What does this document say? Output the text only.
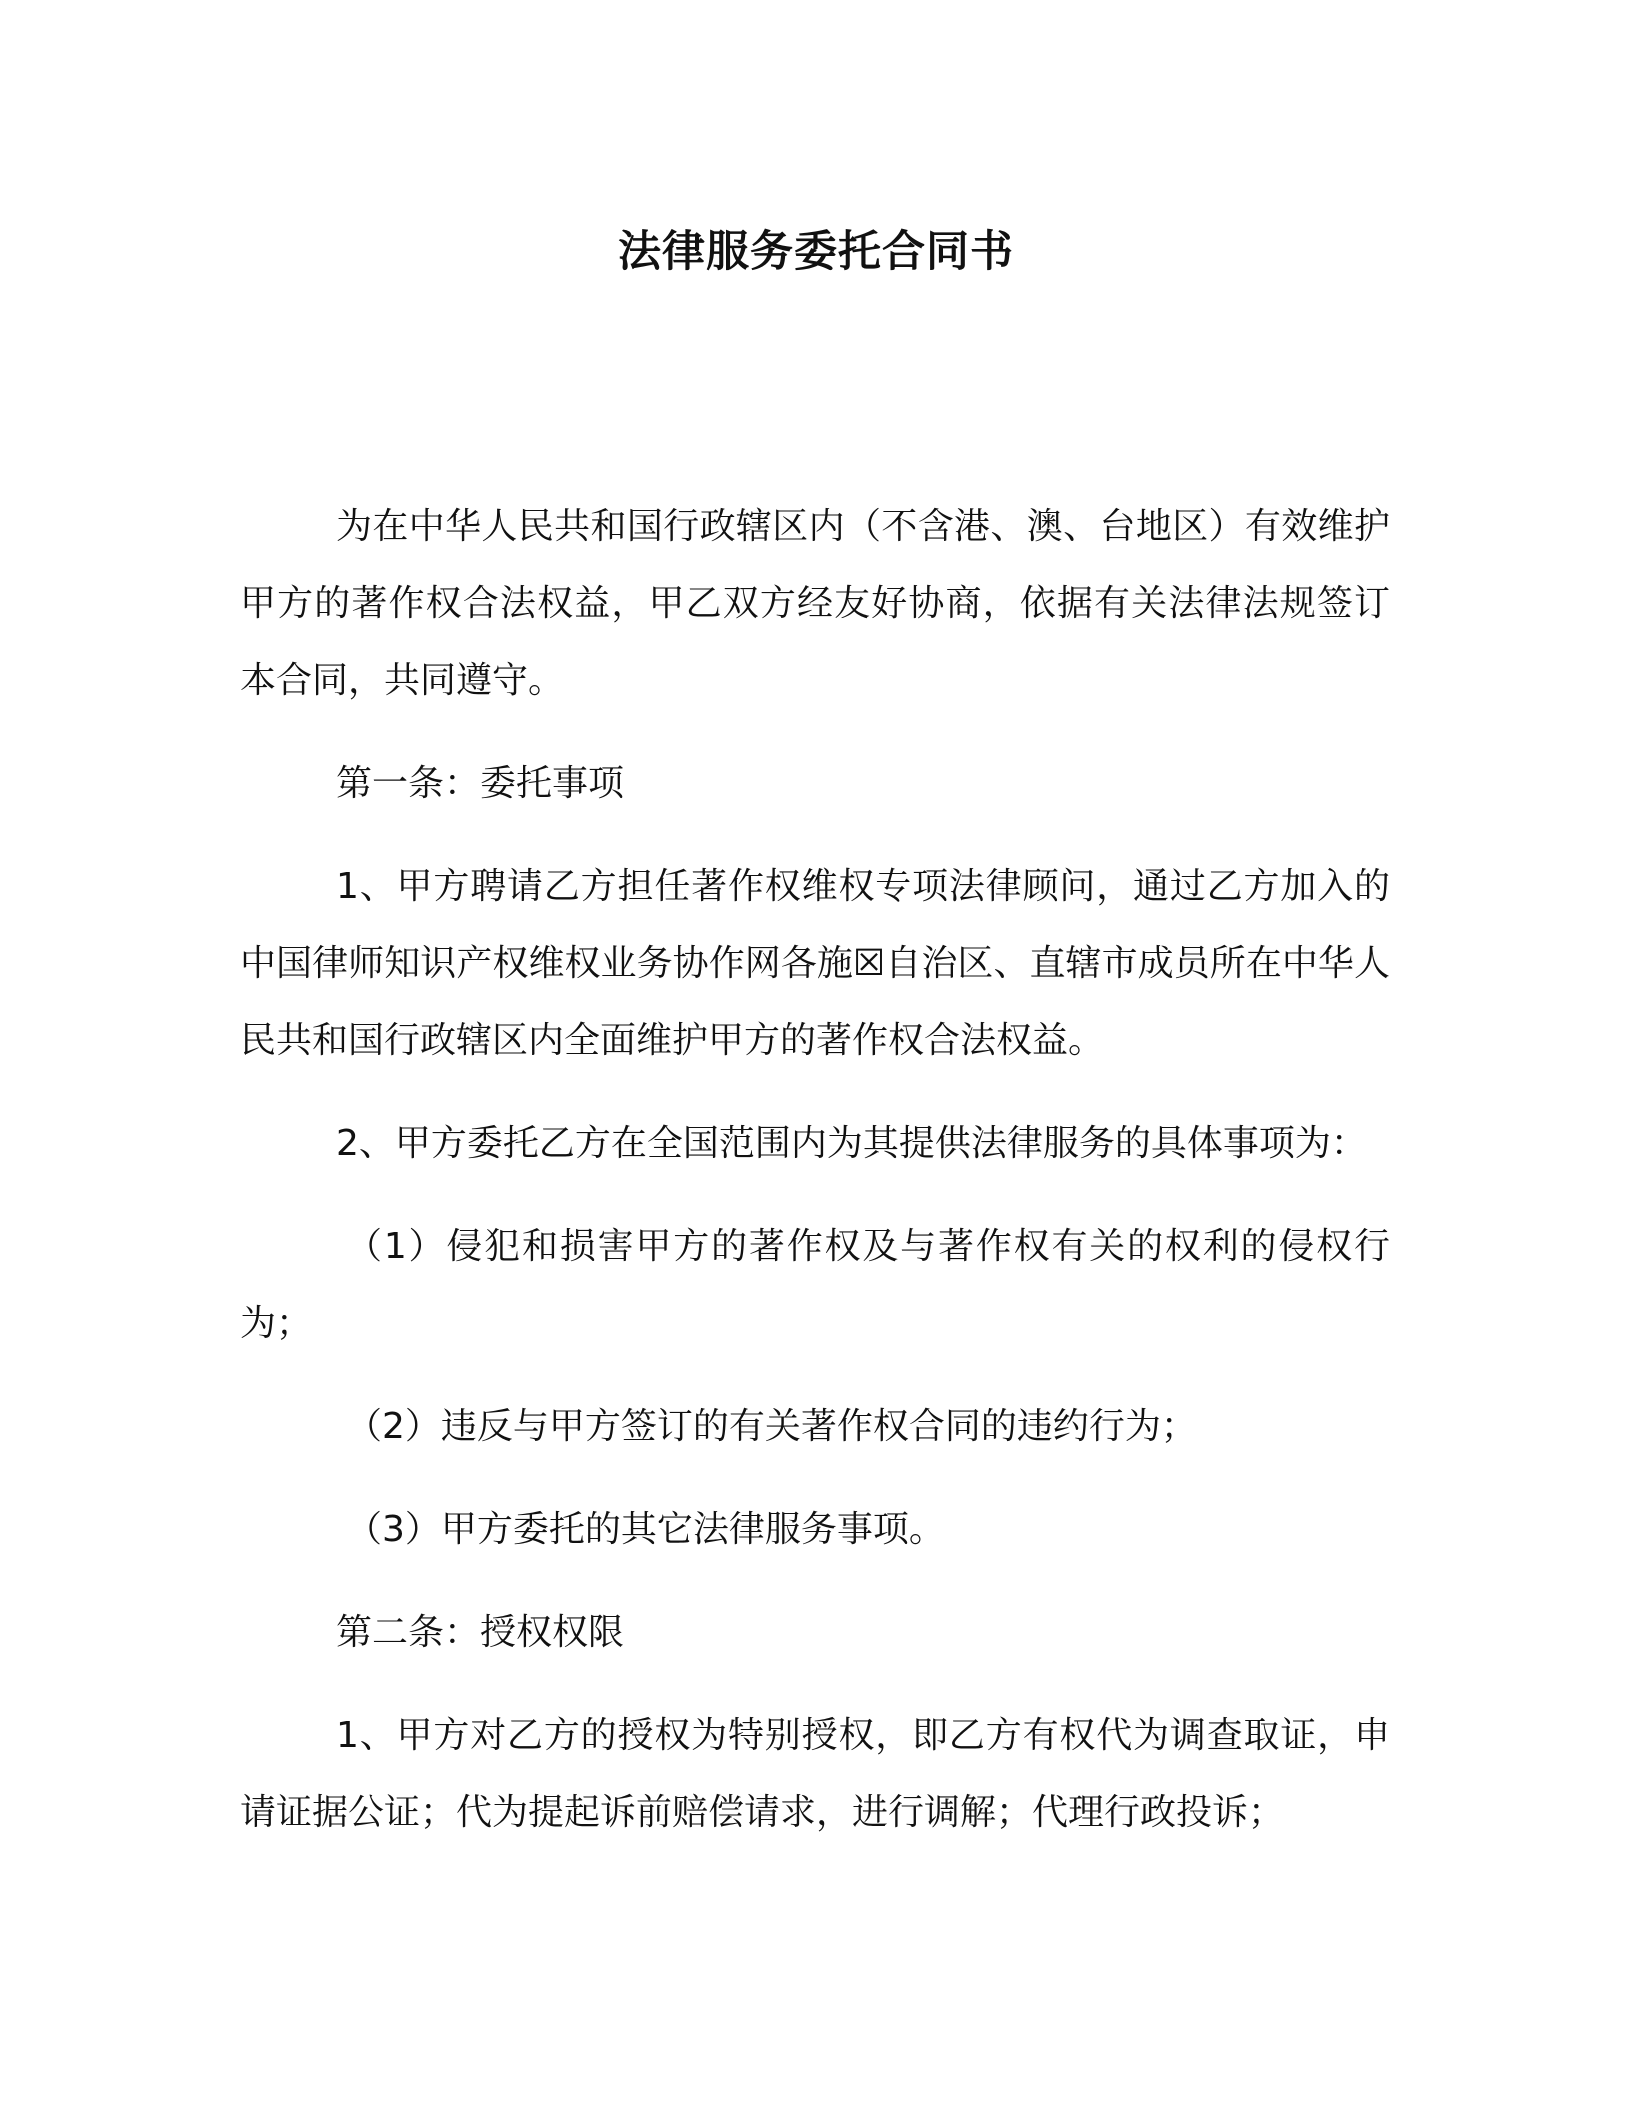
法律服务委托合同书

为在中华人民共和国行政辖区内（不含港、澳、台地区）有效维护甲方的著作权合法权益，甲乙双方经友好协商，依据有关法律法规签订本合同，共同遵守。

第一条：委托事项

1、甲方聘请乙方担任著作权维权专项法律顾问，通过乙方加入的中国律师知识产权维权业务协作网各施☒自治区、直辖市成员所在中华人民共和国行政辖区内全面维护甲方的著作权合法权益。

2、甲方委托乙方在全国范围内为其提供法律服务的具体事项为：

（1）侵犯和损害甲方的著作权及与著作权有关的权利的侵权行为；

（2）违反与甲方签订的有关著作权合同的违约行为；

（3）甲方委托的其它法律服务事项。

第二条：授权权限

1、甲方对乙方的授权为特别授权，即乙方有权代为调查取证，申请证据公证；代为提起诉前赔偿请求，进行调解；代理行政投诉；
